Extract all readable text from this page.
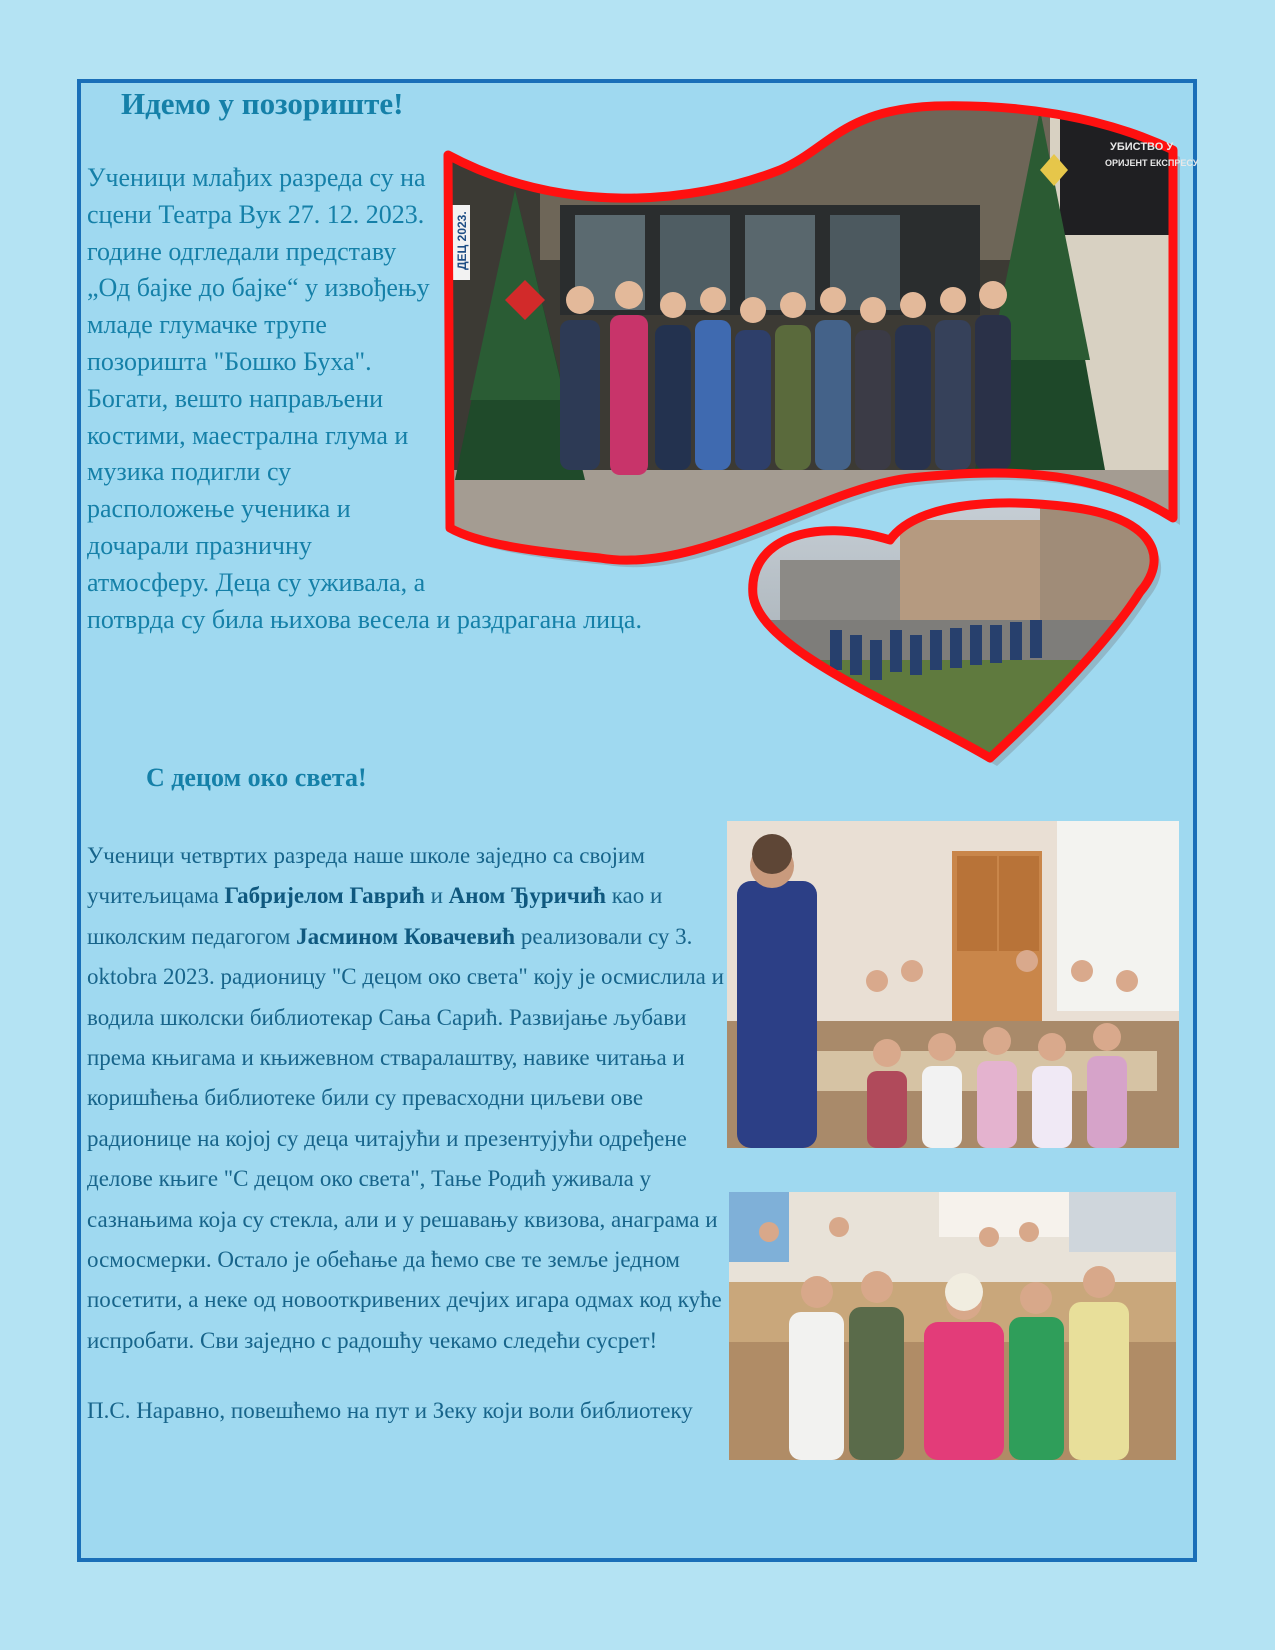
ДЕЦ 2023.
УБИСТВО У
ОРИЈЕНТ ЕКСПРЕСУ
Идемо у позориште!

Ученици млађих разреда су на сцени Театра Вук 27. 12. 2023. године одгледали представу „Од бајке до бајке“ у извођењу младе глумачке трупе позоришта "Бошко Буха". Богати, вешто направљени костими, маестрална глума и музика подигли су расположење ученика и дочарали празничну атмосферу. Деца су уживала, а потврда су била њихова весела и раздрагана лица.

С децом око света!

Ученици четвртих разреда наше школе заједно са својим учитељицама Габријелом Гаврић и Аном Ђуричић као и школским педагогом Јасмином Ковачевић реализовали су 3. oktobra 2023. радионицу "С децом око света" коју је осмислила и водила школски библиотекар Сања Сарић. Развијање љубави према књигама и књижевном стваралаштву, навике читања и коришћења библиотеке били су превасходни циљеви ове радионице на којој су деца читајући и презентујући одређене делове књиге "С децом око света", Тање Родић уживала у сазнањима која су стекла, али и у решавању квизова, анаграма и осмосмерки. Остало је обећање да ћемо све те земље једном посетити, а неке од новооткривених дечјих игара одмах код куће испробати. Сви заједно с радошћу чекамо следећи сусрет!

П.С. Наравно, повешћемо на пут и Зеку који воли библиотеку
